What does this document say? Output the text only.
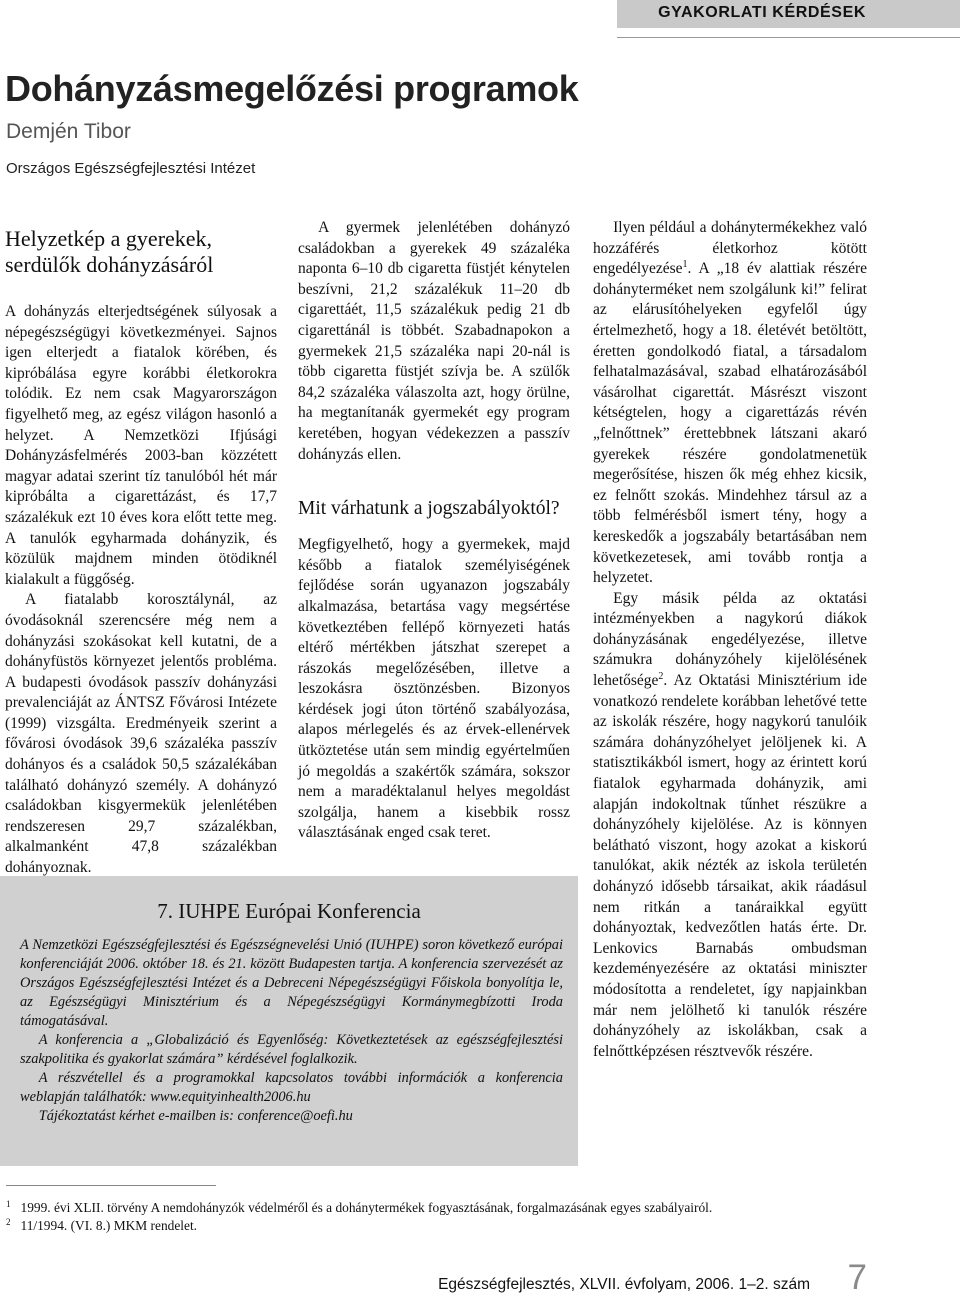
GYAKORLATI KÉRDÉSEK
Dohányzásmegelőzési programok
Demjén Tibor
Országos Egészségfejlesztési Intézet
Helyzetkép a gyerekek, serdülők dohányzásáról

A dohányzás elterjedtségének súlyosak a népegészségügyi következményei. Sajnos igen elterjedt a fiatalok körében, és kipróbálása egyre korábbi életkorokra tolódik. Ez nem csak Magyarországon figyelhető meg, az egész világon hasonló a helyzet. A Nemzetközi Ifjúsági Dohányzásfelmérés 2003-ban közzétett magyar adatai szerint tíz tanulóból hét már kipróbálta a cigarettázást, és 17,7 százalékuk ezt 10 éves kora előtt tette meg. A tanulók egyharmada dohányzik, és közülük majdnem minden ötödiknél kialakult a függőség.

A fiatalabb korosztálynál, az óvodásoknál szerencsére még nem a dohányzási szokásokat kell kutatni, de a dohányfüstös környezet jelentős probléma. A budapesti óvodások passzív dohányzási prevalenciáját az ÁNTSZ Fővárosi Intézete (1999) vizsgálta. Eredményeik szerint a fővárosi óvodások 39,6 százaléka passzív dohányos és a családok 50,5 százalékában található dohányzó személy. A dohányzó családokban kisgyermekük jelenlétében rendszeresen 29,7 százalékban, alkalmanként 47,8 százalékban dohányoznak.

A gyermek jelenlétében dohányzó családokban a gyerekek 49 százaléka naponta 6–10 db cigaretta füstjét kénytelen beszívni, 21,2 százalékuk 11–20 db cigarettáét, 11,5 százalékuk pedig 21 db cigarettánál is többét. Szabadnapokon a gyermekek 21,5 százaléka napi 20-nál is több cigaretta füstjét szívja be. A szülők 84,2 százaléka válaszolta azt, hogy örülne, ha megtanítanák gyermekét egy program keretében, hogyan védekezzen a passzív dohányzás ellen.

Mit várhatunk a jogszabályoktól?

Megfigyelhető, hogy a gyermekek, majd később a fiatalok személyiségének fejlődése során ugyanazon jogszabály alkalmazása, betartása vagy megsértése következtében fellépő környezeti hatás eltérő mértékben játszhat szerepet a rászokás megelőzésében, illetve a leszokásra ösztönzésben. Bizonyos kérdések jogi úton történő szabályozása, alapos mérlegelés és az érvek-ellenérvek ütköztetése után sem mindig egyértelműen jó megoldás a szakértők számára, sokszor nem a maradéktalanul helyes megoldást szolgálja, hanem a kisebbik rossz választásának enged csak teret.

Ilyen például a dohánytermékekhez való hozzáférés életkorhoz kötött engedélyezése$^1$. A „18 év alattiak részére dohányterméket nem szolgálunk ki!” felirat az elárusítóhelyeken egyfelől úgy értelmezhető, hogy a 18. életévét betöltött, éretten gondolkodó fiatal, a társadalom felhatalmazásával, szabad elhatározásából vásárolhat cigarettát. Másrészt viszont kétségtelen, hogy a cigarettázás révén „felnőttnek” érettebbnek látszani akaró gyerekek részére gondolatmenetük megerősítése, hiszen ők még ehhez kicsik, ez felnőtt szokás. Mindehhez társul az a több felmérésből ismert tény, hogy a kereskedők a jogszabály betartásában nem következetesek, ami tovább rontja a helyzetet.

Egy másik példa az oktatási intézményekben a nagykorú diákok dohányzásának engedélyezése, illetve számukra dohányzóhely kijelölésének lehetősége$^2$. Az Oktatási Minisztérium ide vonatkozó rendelete korábban lehetővé tette az iskolák részére, hogy nagykorú tanulóik számára dohányzóhelyet jelöljenek ki. A statisztikákból ismert, hogy az érintett korú fiatalok egyharmada dohányzik, ami alapján indokoltnak tűnhet részükre a dohányzóhely kijelölése. Az is könnyen belátható viszont, hogy azokat a kiskorú tanulókat, akik nézték az iskola területén dohányzó idősebb társaikat, akik ráadásul nem ritkán a tanáraikkal együtt dohányoztak, kedvezőtlen hatás érte. Dr. Lenkovics Barnabás ombudsman kezdeményezésére az oktatási miniszter módosította a rendeletet, így napjainkban már nem jelölhető ki tanulók részére dohányzóhely az iskolákban, csak a felnőttképzésen résztvevők részére.

7. IUHPE Európai Konferencia

A Nemzetközi Egészségfejlesztési és Egészségnevelési Unió (IUHPE) soron következő európai konferenciáját 2006. október 18. és 21. között Budapesten tartja. A konferencia szervezését az Országos Egészségfejlesztési Intézet és a Debreceni Népegészségügyi Főiskola bonyolítja le, az Egészségügyi Minisztérium és a Népegészségügyi Kormánymegbízotti Iroda támogatásával.

A konferencia a „Globalizáció és Egyenlőség: Következtetések az egészségfejlesztési szakpolitika és gyakorlat számára” kérdésével foglalkozik.

A részvétellel és a programokkal kapcsolatos további információk a konferencia weblapján találhatók: www.equityinhealth2006.hu

Tájékoztatást kérhet e-mailben is: conference@oefi.hu

$^1$ 1999. évi XLII. törvény A nemdohányzók védelméről és a dohánytermékek fogyasztásának, forgalmazásának egyes szabályairól.
$^2$ 11/1994. (VI. 8.) MKM rendelet.
Egészségfejlesztés, XLVII. évfolyam, 2006. 1–2. szám 7
